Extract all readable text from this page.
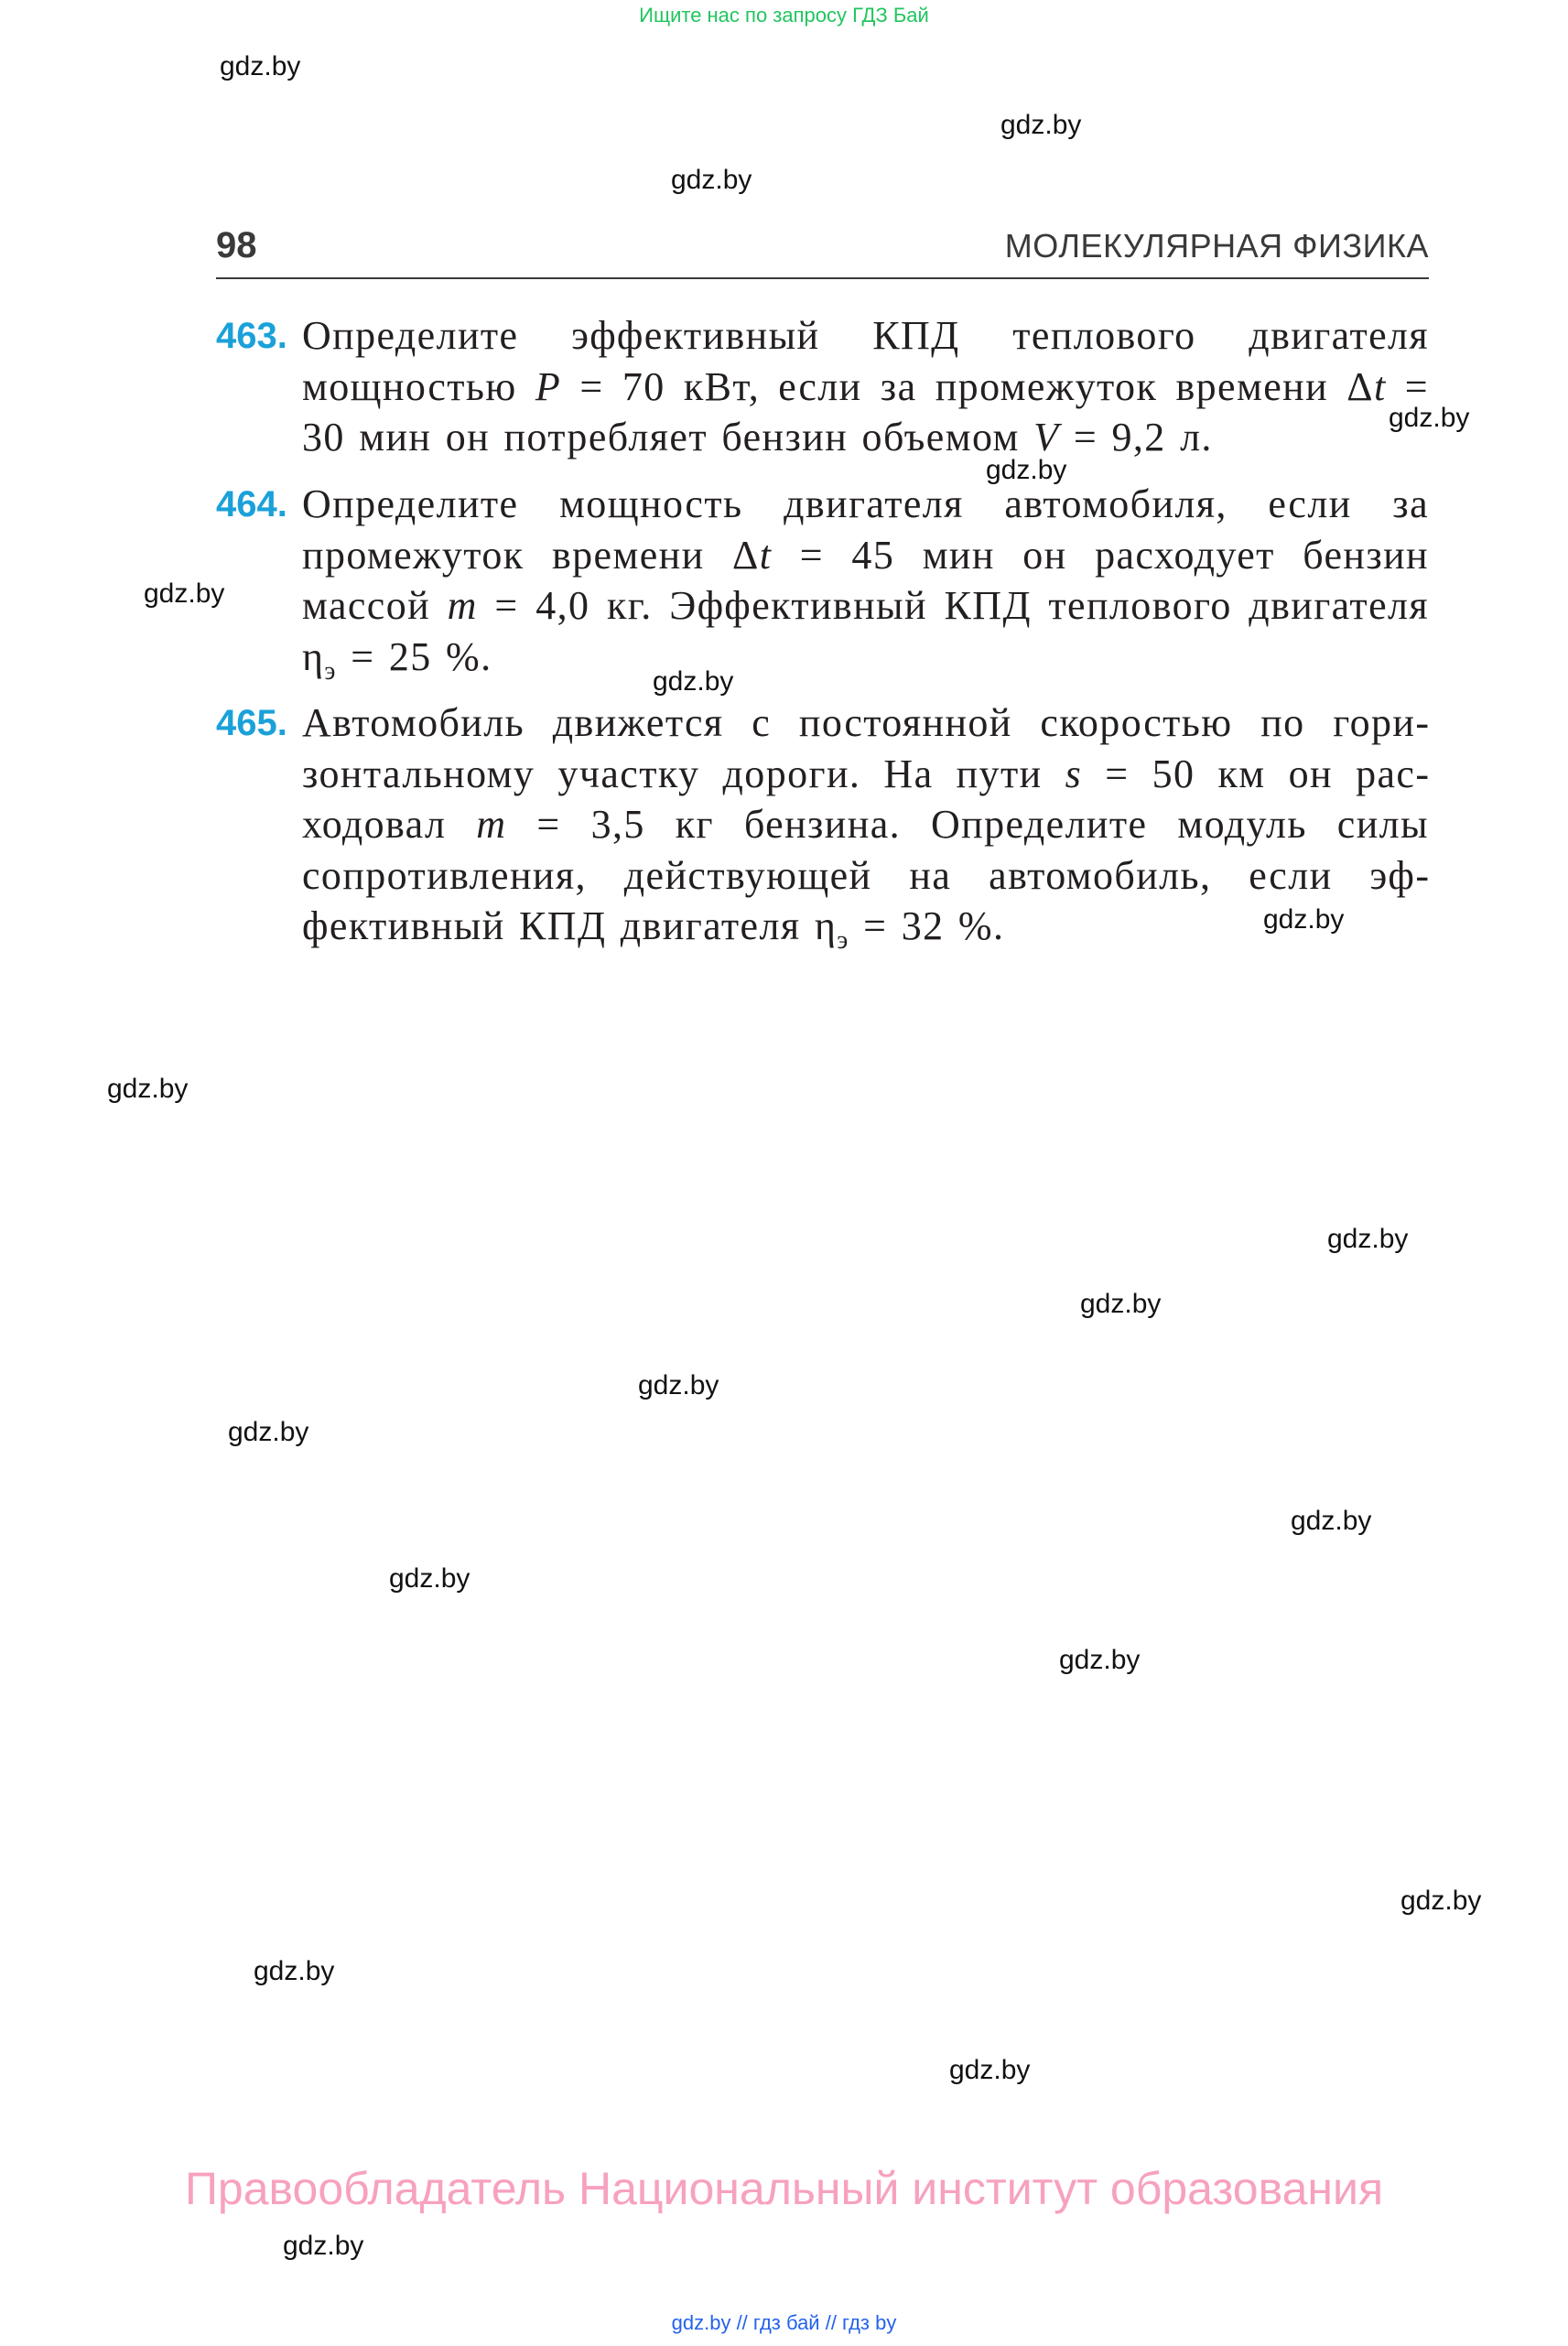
Ищите нас по запросу ГДЗ Бай
gdz.by
gdz.by
gdz.by
gdz.by
gdz.by
gdz.by
gdz.by
gdz.by
gdz.by
gdz.by
gdz.by
gdz.by
gdz.by
gdz.by
gdz.by
gdz.by
gdz.by
gdz.by
gdz.by
gdz.by
98	МОЛЕКУЛЯРНАЯ ФИЗИКА
463. Определите эффективный КПД теплового двигателя мощностью P = 70 кВт, если за промежуток времени Δt = 30 мин он потребляет бензин объемом V = 9,2 л.
464. Определите мощность двигателя автомобиля, если за промежуток времени Δt = 45 мин он расходует бензин массой m = 4,0 кг. Эффективный КПД теплового двигателя $\eta_э = 25$ %.
465. Автомобиль движется с постоянной скоростью по горизонтальному участку дороги. На пути s = 50 км он расходовал m = 3,5 кг бензина. Определите модуль силы сопротивления, действующей на автомобиль, если эффективный КПД двигателя $\eta_э = 32$ %.
Правообладатель Национальный институт образования
gdz.by // гдз бай // гдз by
